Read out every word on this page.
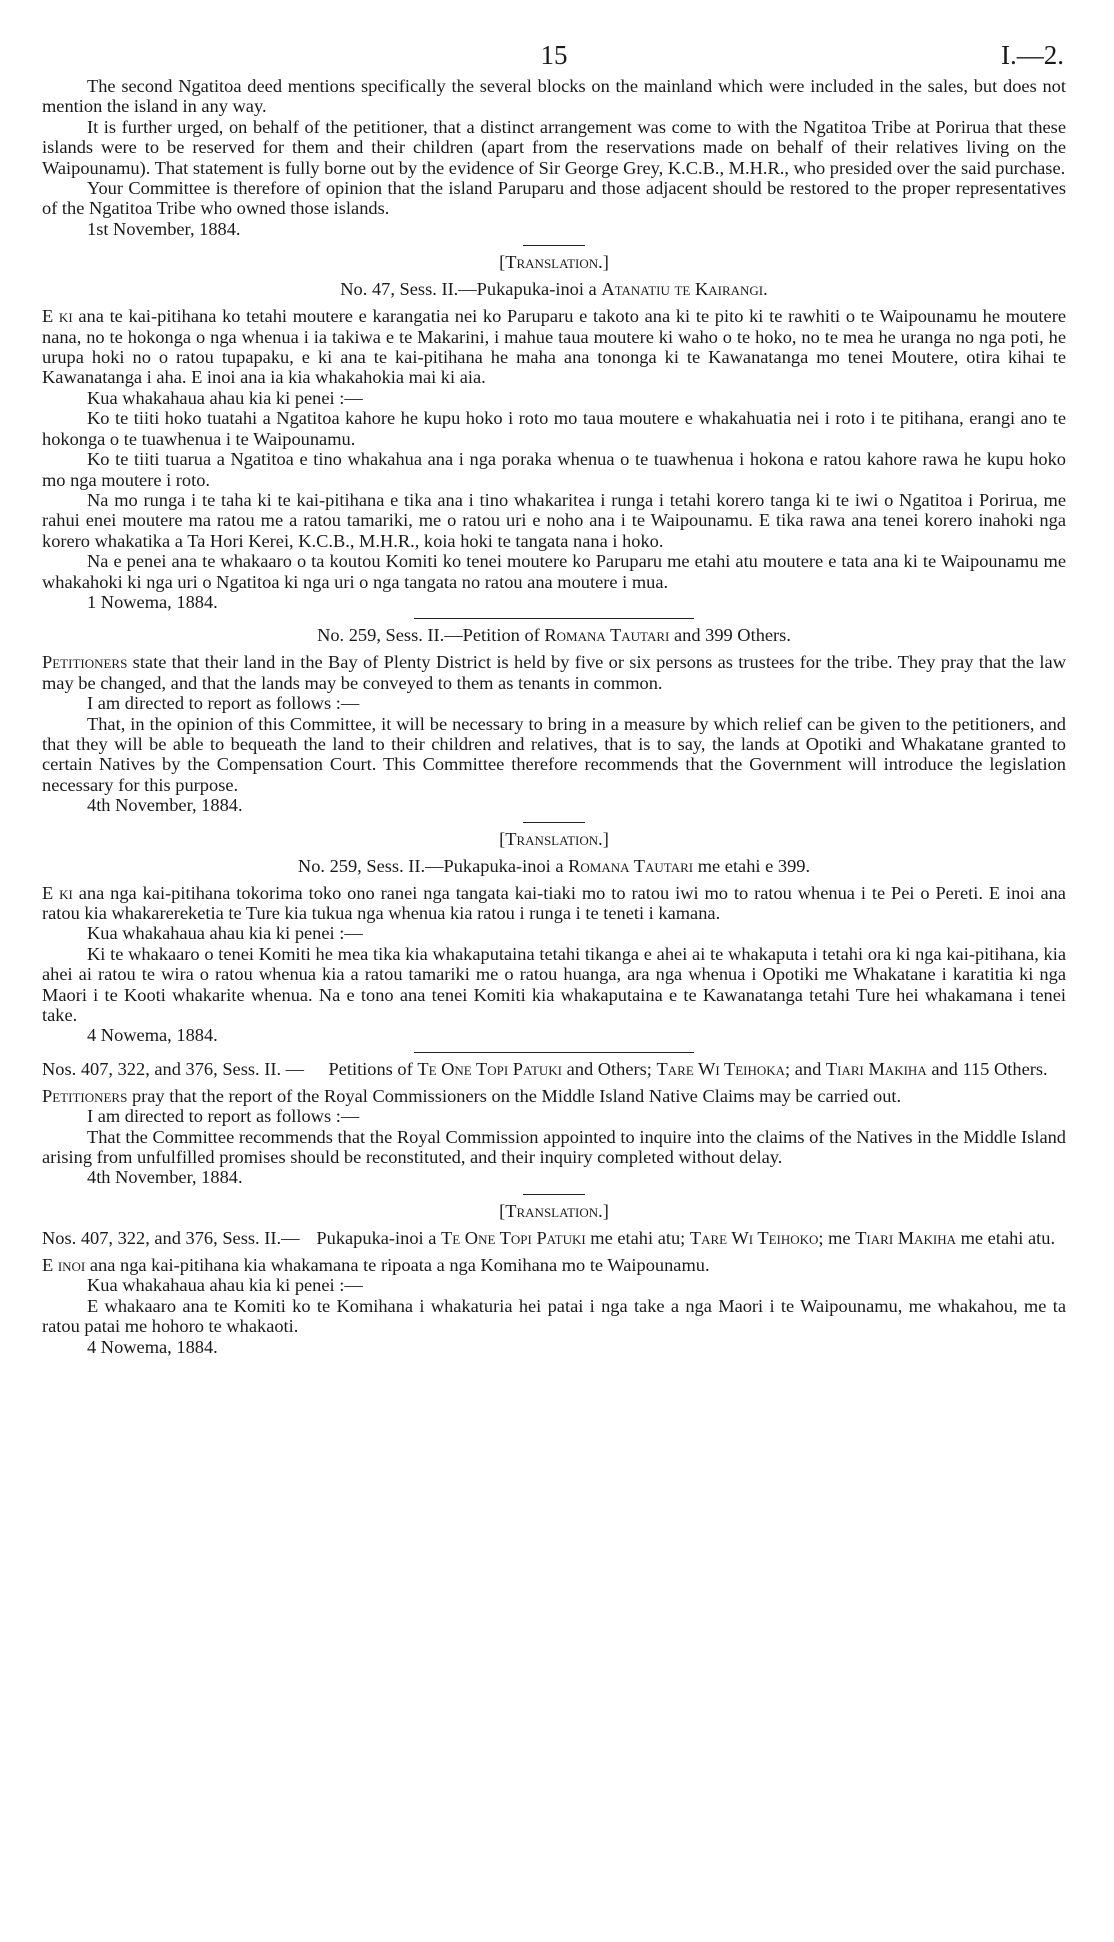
15	I.—2.

The second Ngatitoa deed mentions specifically the several blocks on the mainland which were included in the sales, but does not mention the island in any way.

It is further urged, on behalf of the petitioner, that a distinct arrangement was come to with the Ngatitoa Tribe at Porirua that these islands were to be reserved for them and their children (apart from the reservations made on behalf of their relatives living on the Waipounamu). That statement is fully borne out by the evidence of Sir George Grey, K.C.B., M.H.R., who presided over the said purchase.

Your Committee is therefore of opinion that the island Paruparu and those adjacent should be restored to the proper representatives of the Ngatitoa Tribe who owned those islands.

1st November, 1884.

[Translation.]
No. 47, Sess. II.—Pukapuka-inoi a Atanatiu te Kairangi.

E ki ana te kai-pitihana ko tetahi moutere e karangatia nei ko Paruparu e takoto ana ki te pito ki te rawhiti o te Waipounamu he moutere nana, no te hokonga o nga whenua i ia takiwa e te Makarini, i mahue taua moutere ki waho o te hoko, no te mea he uranga no nga poti, he urupa hoki no o ratou tupapaku, e ki ana te kai-pitihana he maha ana tononga ki te Kawanatanga mo tenei Moutere, otira kihai te Kawanatanga i aha. E inoi ana ia kia whakahokia mai ki aia.

Kua whakahaua ahau kia ki penei :—

Ko te tiiti hoko tuatahi a Ngatitoa kahore he kupu hoko i roto mo taua moutere e whakahuatia nei i roto i te pitihana, erangi ano te hokonga o te tuawhenua i te Waipounamu.

Ko te tiiti tuarua a Ngatitoa e tino whakahua ana i nga poraka whenua o te tuawhenua i hokona e ratou kahore rawa he kupu hoko mo nga moutere i roto.

Na mo runga i te taha ki te kai-pitihana e tika ana i tino whakaritea i runga i tetahi korero tanga ki te iwi o Ngatitoa i Porirua, me rahui enei moutere ma ratou me a ratou tamariki, me o ratou uri e noho ana i te Waipounamu. E tika rawa ana tenei korero inahoki nga korero whakatika a Ta Hori Kerei, K.C.B., M.H.R., koia hoki te tangata nana i hoko.

Na e penei ana te whakaaro o ta koutou Komiti ko tenei moutere ko Paruparu me etahi atu moutere e tata ana ki te Waipounamu me whakahoki ki nga uri o Ngatitoa ki nga uri o nga tangata no ratou ana moutere i mua.

1 Nowema, 1884.

No. 259, Sess. II.—Petition of Romana Tautari and 399 Others.

Petitioners state that their land in the Bay of Plenty District is held by five or six persons as trustees for the tribe. They pray that the law may be changed, and that the lands may be conveyed to them as tenants in common.

I am directed to report as follows :—

That, in the opinion of this Committee, it will be necessary to bring in a measure by which relief can be given to the petitioners, and that they will be able to bequeath the land to their children and relatives, that is to say, the lands at Opotiki and Whakatane granted to certain Natives by the Compensation Court. This Committee therefore recommends that the Government will introduce the legislation necessary for this purpose.

4th November, 1884.

[Translation.]
No. 259, Sess. II.—Pukapuka-inoi a Romana Tautari me etahi e 399.

E ki ana nga kai-pitihana tokorima toko ono ranei nga tangata kai-tiaki mo to ratou iwi mo to ratou whenua i te Pei o Pereti. E inoi ana ratou kia whakarereketia te Ture kia tukua nga whenua kia ratou i runga i te teneti i kamana.

Kua whakahaua ahau kia ki penei :—

Ki te whakaaro o tenei Komiti he mea tika kia whakaputaina tetahi tikanga e ahei ai te whakaputa i tetahi ora ki nga kai-pitihana, kia ahei ai ratou te wira o ratou whenua kia a ratou tamariki me o ratou huanga, ara nga whenua i Opotiki me Whakatane i karatitia ki nga Maori i te Kooti whakarite whenua. Na e tono ana tenei Komiti kia whakaputaina e te Kawanatanga tetahi Ture hei whakamana i tenei take.

4 Nowema, 1884.

Nos. 407, 322, and 376, Sess. II. —	Petitions of Te One Topi Patuki and Others; Tare Wi Teihoka; and Tiari Makiha and 115 Others.

Petitioners pray that the report of the Royal Commissioners on the Middle Island Native Claims may be carried out.

I am directed to report as follows :—

That the Committee recommends that the Royal Commission appointed to inquire into the claims of the Natives in the Middle Island arising from unfulfilled promises should be reconstituted, and their inquiry completed without delay.

4th November, 1884.

[Translation.]
Nos. 407, 322, and 376, Sess. II.— Pukapuka-inoi a Te One Topi Patuki me etahi atu; Tare Wi Teihoko; me Tiari Makiha me etahi atu.

E inoi ana nga kai-pitihana kia whakamana te ripoata a nga Komihana mo te Waipounamu.

Kua whakahaua ahau kia ki penei :—

E whakaaro ana te Komiti ko te Komihana i whakaturia hei patai i nga take a nga Maori i te Waipounamu, me whakahou, me ta ratou patai me hohoro te whakaoti.

4 Nowema, 1884.
